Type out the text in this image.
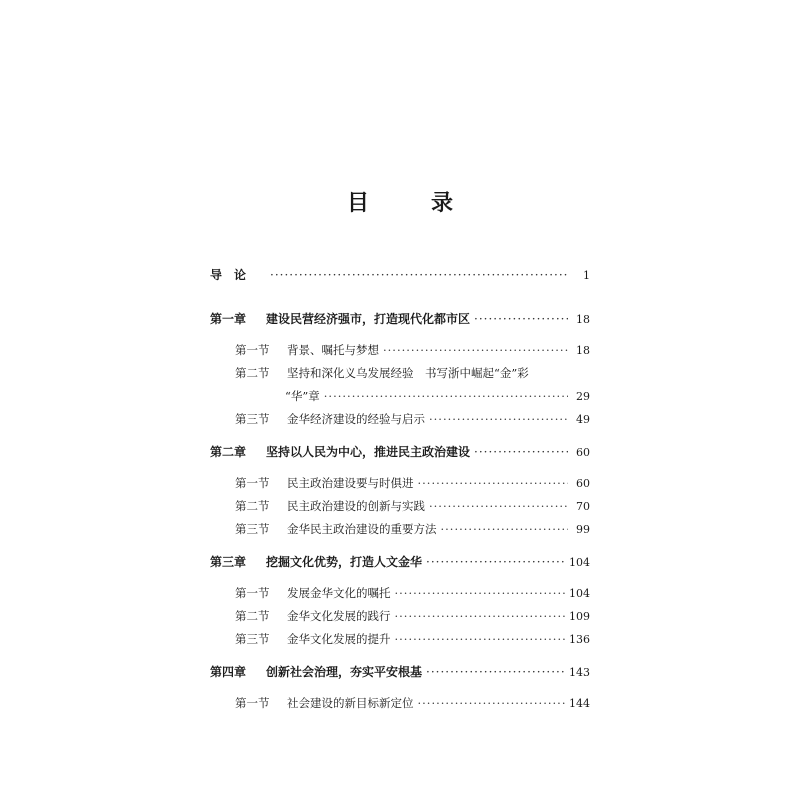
目　录
导　论 ·····	1
第一章	建设民营经济强市，打造现代化都市区 ·····	18
第一节	背景、嘱托与梦想 ·····	18
第二节	坚持和深化义乌发展经验　书写浙中崛起“金”彩
“华”章 ·····	29
第三节	金华经济建设的经验与启示 ·····	49
第二章	坚持以人民为中心，推进民主政治建设 ·····	60
第一节	民主政治建设要与时俱进 ·····	60
第二节	民主政治建设的创新与实践 ·····	70
第三节	金华民主政治建设的重要方法 ·····	99
第三章	挖掘文化优势，打造人文金华 ·····	104
第一节	发展金华文化的嘱托 ·····	104
第二节	金华文化发展的践行 ·····	109
第三节	金华文化发展的提升 ·····	136
第四章	创新社会治理，夯实平安根基 ·····	143
第一节	社会建设的新目标新定位 ·····	144
